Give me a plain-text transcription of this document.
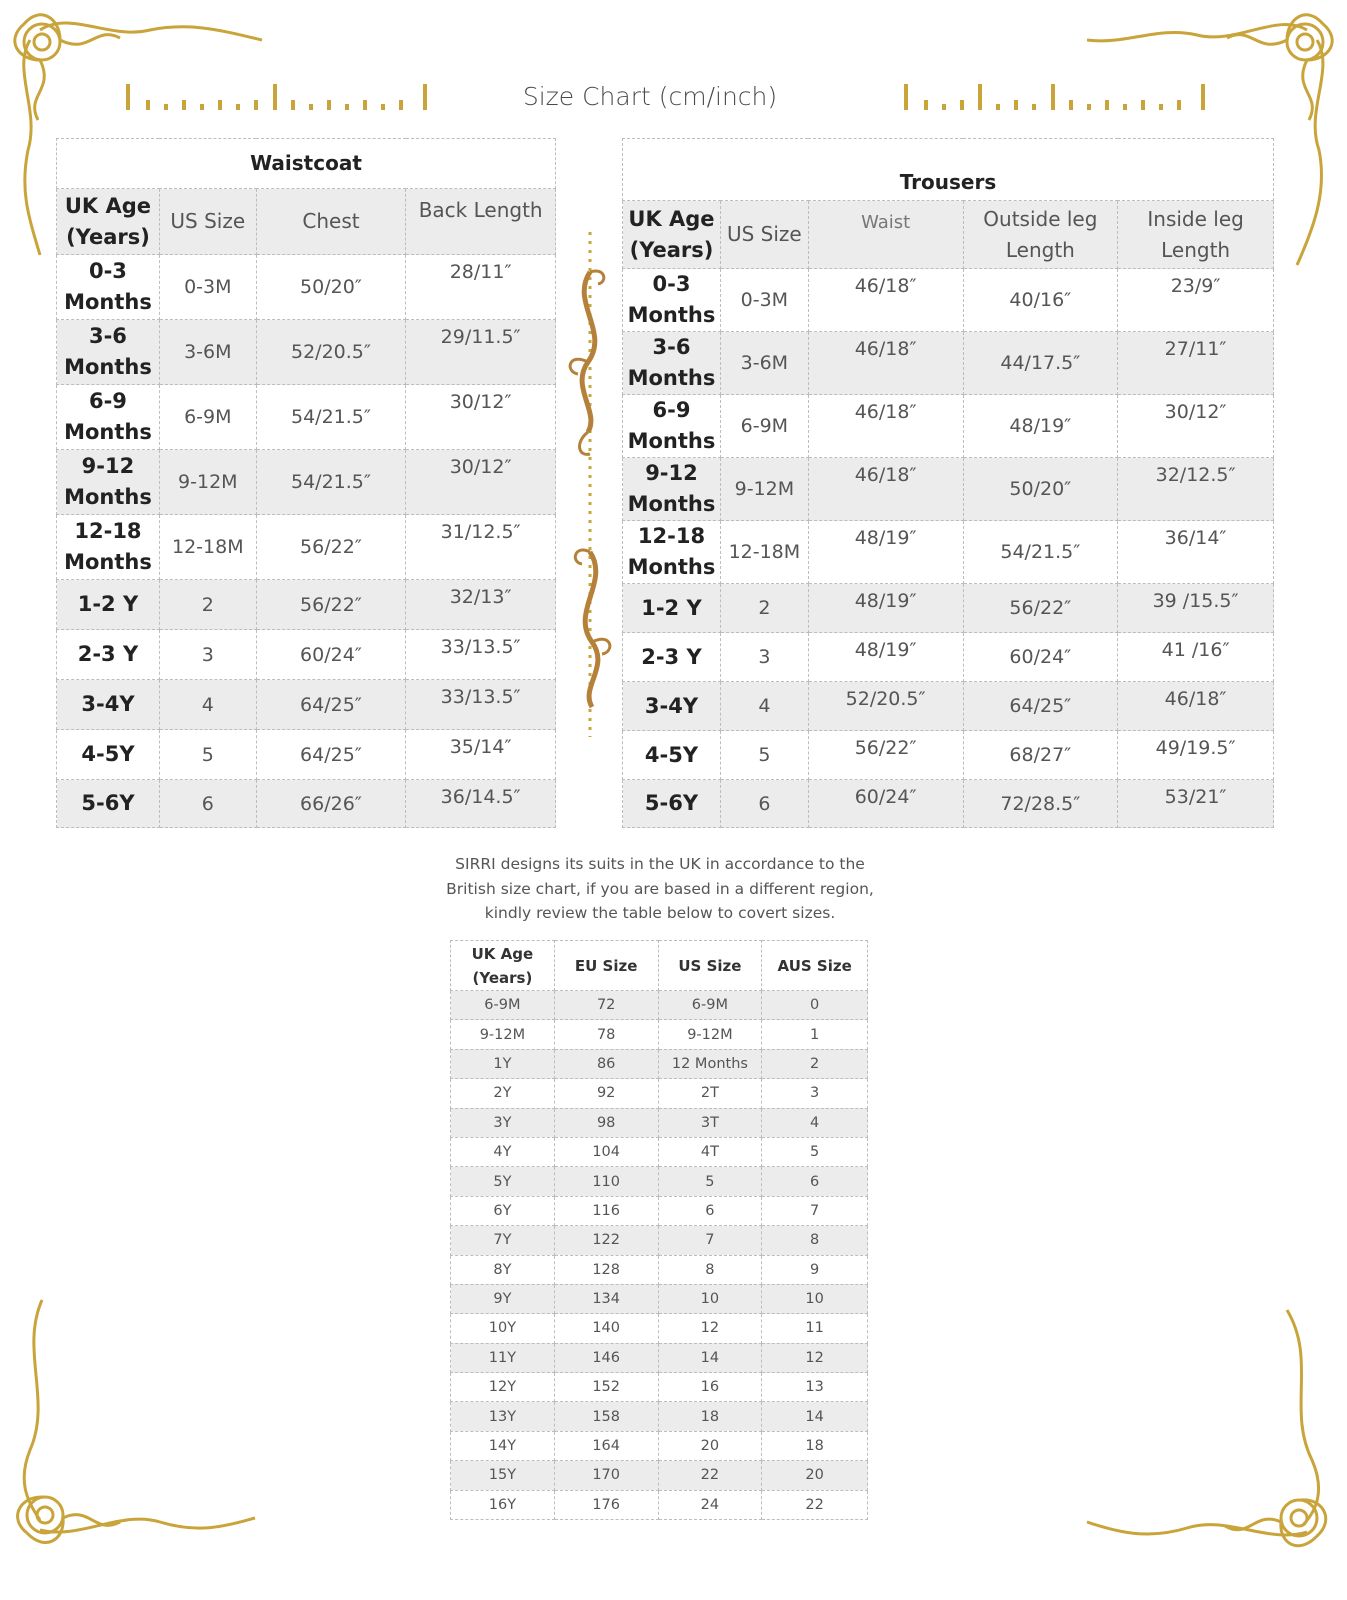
Size Chart (cm/inch)
Waistcoat			
UK Age (Years)	US Size	Chest	Back Length
0-3 Months	0-3M	50/20″	28/11″
3-6 Months	3-6M	52/20.5″	29/11.5″
6-9 Months	6-9M	54/21.5″	30/12″
9-12 Months	9-12M	54/21.5″	30/12″
12-18 Months	12-18M	56/22″	31/12.5″
1-2 Y	2	56/22″	32/13″
2-3 Y	3	60/24″	33/13.5″
3-4Y	4	64/25″	33/13.5″
4-5Y	5	64/25″	35/14″
5-6Y	6	66/26″	36/14.5″
Trousers				
UK Age (Years)	US Size	Waist	Outside leg Length	Inside leg Length
0-3 Months	0-3M	46/18″	40/16″	23/9″
3-6 Months	3-6M	46/18″	44/17.5″	27/11″
6-9 Months	6-9M	46/18″	48/19″	30/12″
9-12 Months	9-12M	46/18″	50/20″	32/12.5″
12-18 Months	12-18M	48/19″	54/21.5″	36/14″
1-2 Y	2	48/19″	56/22″	39 /15.5″
2-3 Y	3	48/19″	60/24″	41 /16″
3-4Y	4	52/20.5″	64/25″	46/18″
4-5Y	5	56/22″	68/27″	49/19.5″
5-6Y	6	60/24″	72/28.5″	53/21″
SIRRI designs its suits in the UK in accordance to the
British size chart, if you are based in a different region,
kindly review the table below to covert sizes.
UK Age (Years)	EU Size	US Size	AUS Size
6-9M	72	6-9M	0
9-12M	78	9-12M	1
1Y	86	12 Months	2
2Y	92	2T	3
3Y	98	3T	4
4Y	104	4T	5
5Y	110	5	6
6Y	116	6	7
7Y	122	7	8
8Y	128	8	9
9Y	134	10	10
10Y	140	12	11
11Y	146	14	12
12Y	152	16	13
13Y	158	18	14
14Y	164	20	18
15Y	170	22	20
16Y	176	24	22
